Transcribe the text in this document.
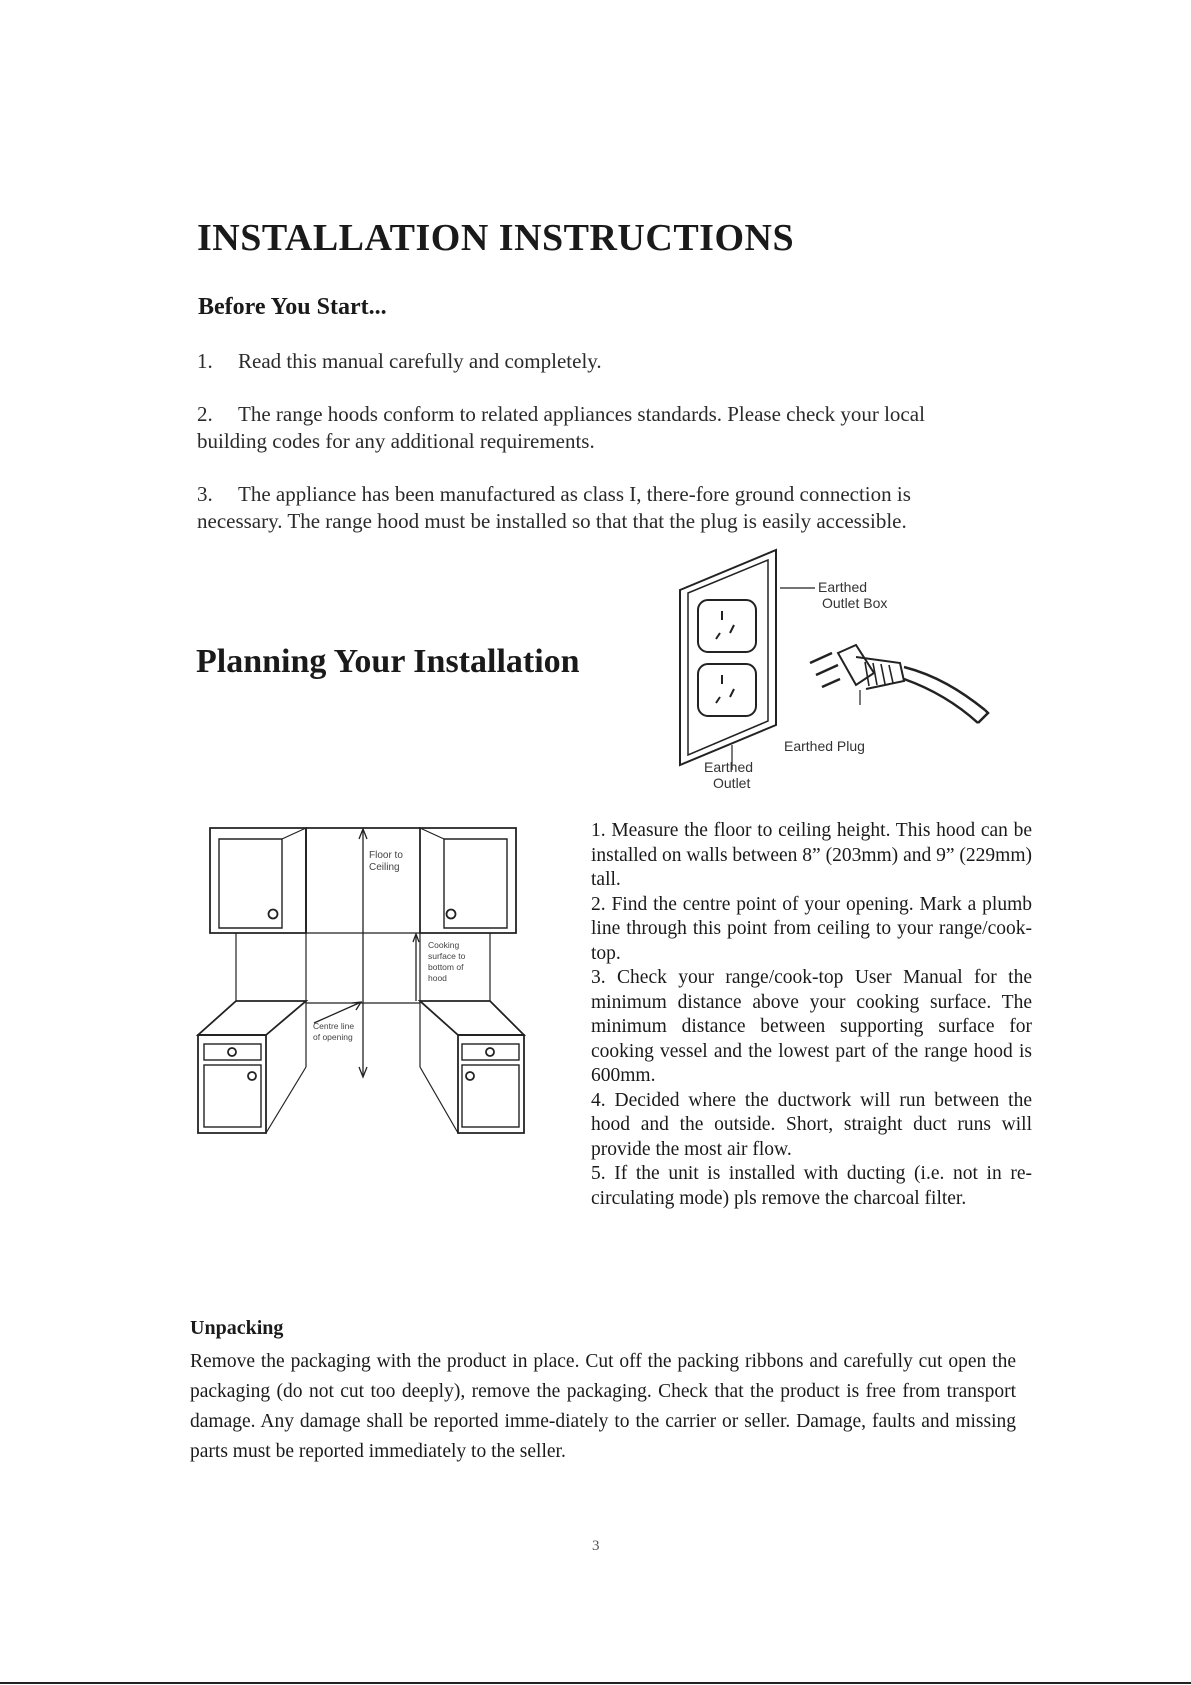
INSTALLATION INSTRUCTIONS
Before You Start...

1. Read this manual carefully and completely.

2. The range hoods conform to related appliances standards. Please check your local building codes for any additional requirements.

3. The appliance has been manufactured as class I, there-fore ground connection is necessary. The range hood must be installed so that that the plug is easily accessible.

Planning Your Installation
Earthed
Outlet Box
Earthed Plug
Earthed
Outlet
Floor to
Ceiling
Cooking
surface to
bottom of
hood
Centre line
of opening

1. Measure the floor to ceiling height. This hood can be installed on walls between 8” (203mm) and 9” (229mm) tall.

2. Find the centre point of your opening. Mark a plumb line through this point from ceiling to your range/cook-top.

3. Check your range/cook-top User Manual for the minimum distance above your cooking surface. The minimum distance between supporting surface for cooking vessel and the lowest part of the range hood is 600mm.

4. Decided where the ductwork will run between the hood and the outside. Short, straight duct runs will provide the most air flow.

5. If the unit is installed with ducting (i.e. not in re-circulating mode) pls remove the charcoal filter.

Unpacking

Remove the packaging with the product in place. Cut off the packing ribbons and carefully cut open the packaging (do not cut too deeply), remove the packaging. Check that the product is free from transport damage. Any damage shall be reported imme-diately to the carrier or seller. Damage, faults and missing parts must be reported immediately to the seller.

3
